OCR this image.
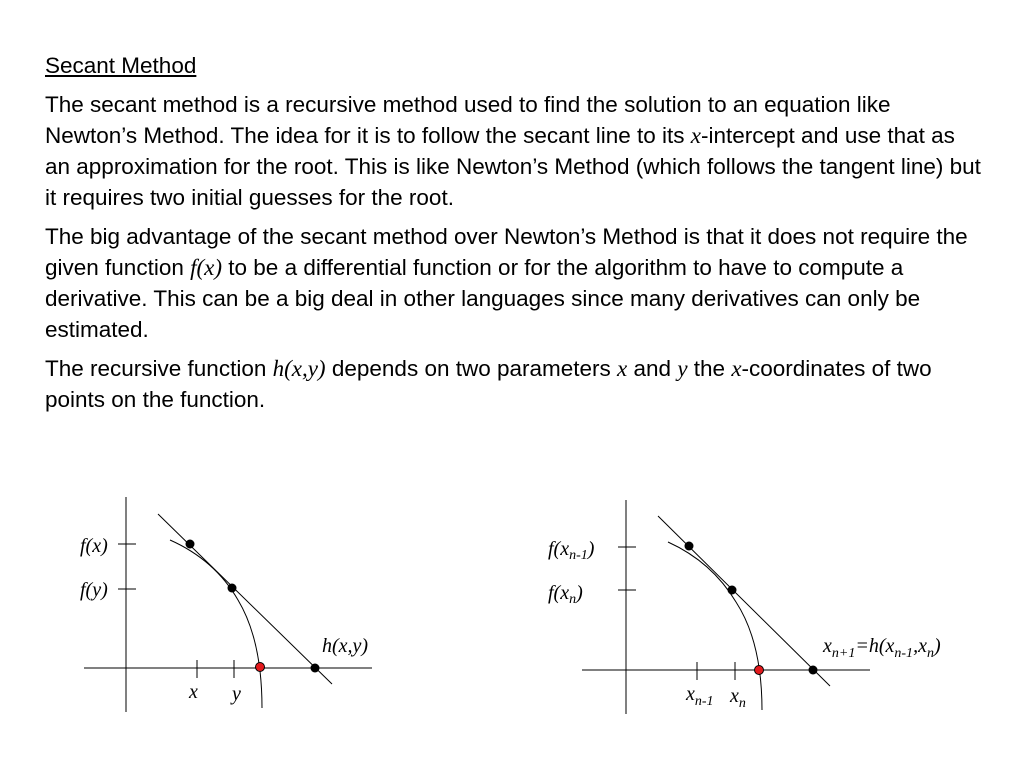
Secant Method

The secant method is a recursive method used to find the solution to an equation like Newton’s Method. The idea for it is to follow the secant line to its x-intercept and use that as an approximation for the root. This is like Newton’s Method (which follows the tangent line) but it requires two initial guesses for the root.

The big advantage of the secant method over Newton’s Method is that it does not require the given function f(x) to be a differential function or for the algorithm to have to compute a derivative. This can be a big deal in other languages since many derivatives can only be estimated.

The recursive function h(x,y) depends on two parameters x and y the x-coordinates of two points on the function.

f(x)
f(y)
x y
h(x,y)
$f(x_{n-1})$
$f(x_n)$
$x_{n-1}$ $x_n$
$x_{n+1}=h(x_{n-1},x_n)$
